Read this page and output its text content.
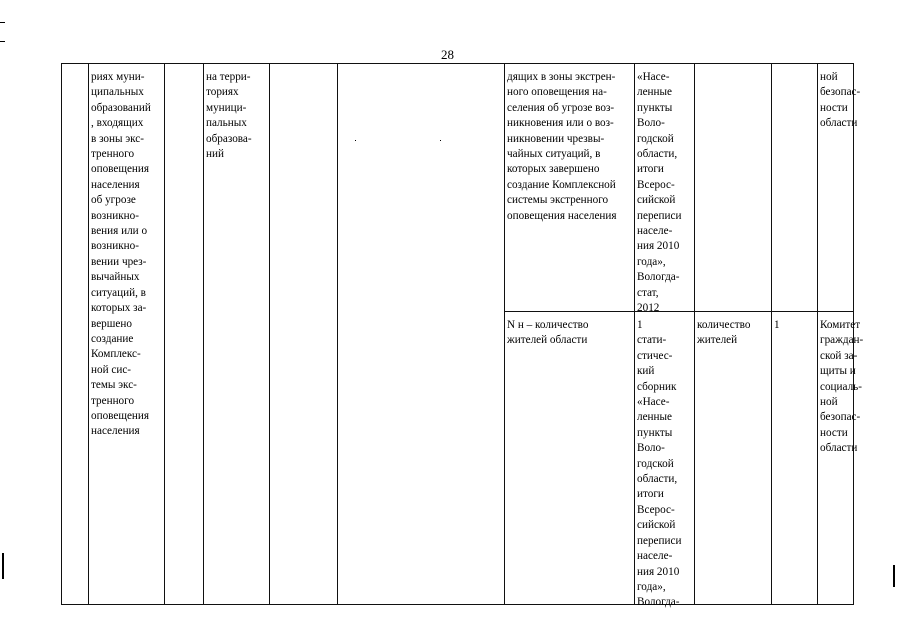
28
риях муни-
ципальных
образований
, входящих
в зоны экс-
тренного
оповещения
населения
об угрозе
возникно-
вения или о
возникно-
вении чрез-
вычайных
ситуаций, в
которых за-
вершено
создание
Комплекс-
ной сис-
темы экс-
тренного
оповещения
населения
на терри-
ториях
муници-
пальных
образова-
ний
дящих в зоны экстрен-
ного оповещения на-
селения об угрозе воз-
никновения или о воз-
никновении чрезвы-
чайных ситуаций, в
которых завершено
создание Комплексной
системы экстренного
оповещения населения
«Насе-
ленные
пункты
Воло-
годской
области,
итоги
Всерос-
сийской
переписи
населе-
ния 2010
года»,
Вологда-
стат,
2012
ной
безопас-
ности
области
N н – количество
жителей области
1
стати-
стичес-
кий
сборник
«Насе-
ленные
пункты
Воло-
годской
области,
итоги
Всерос-
сийской
переписи
населе-
ния 2010
года»,
Вологда-
количество
жителей
1	Комитет
граждан-
ской за-
щиты и
социаль-
ной
безопас-
ности
области
